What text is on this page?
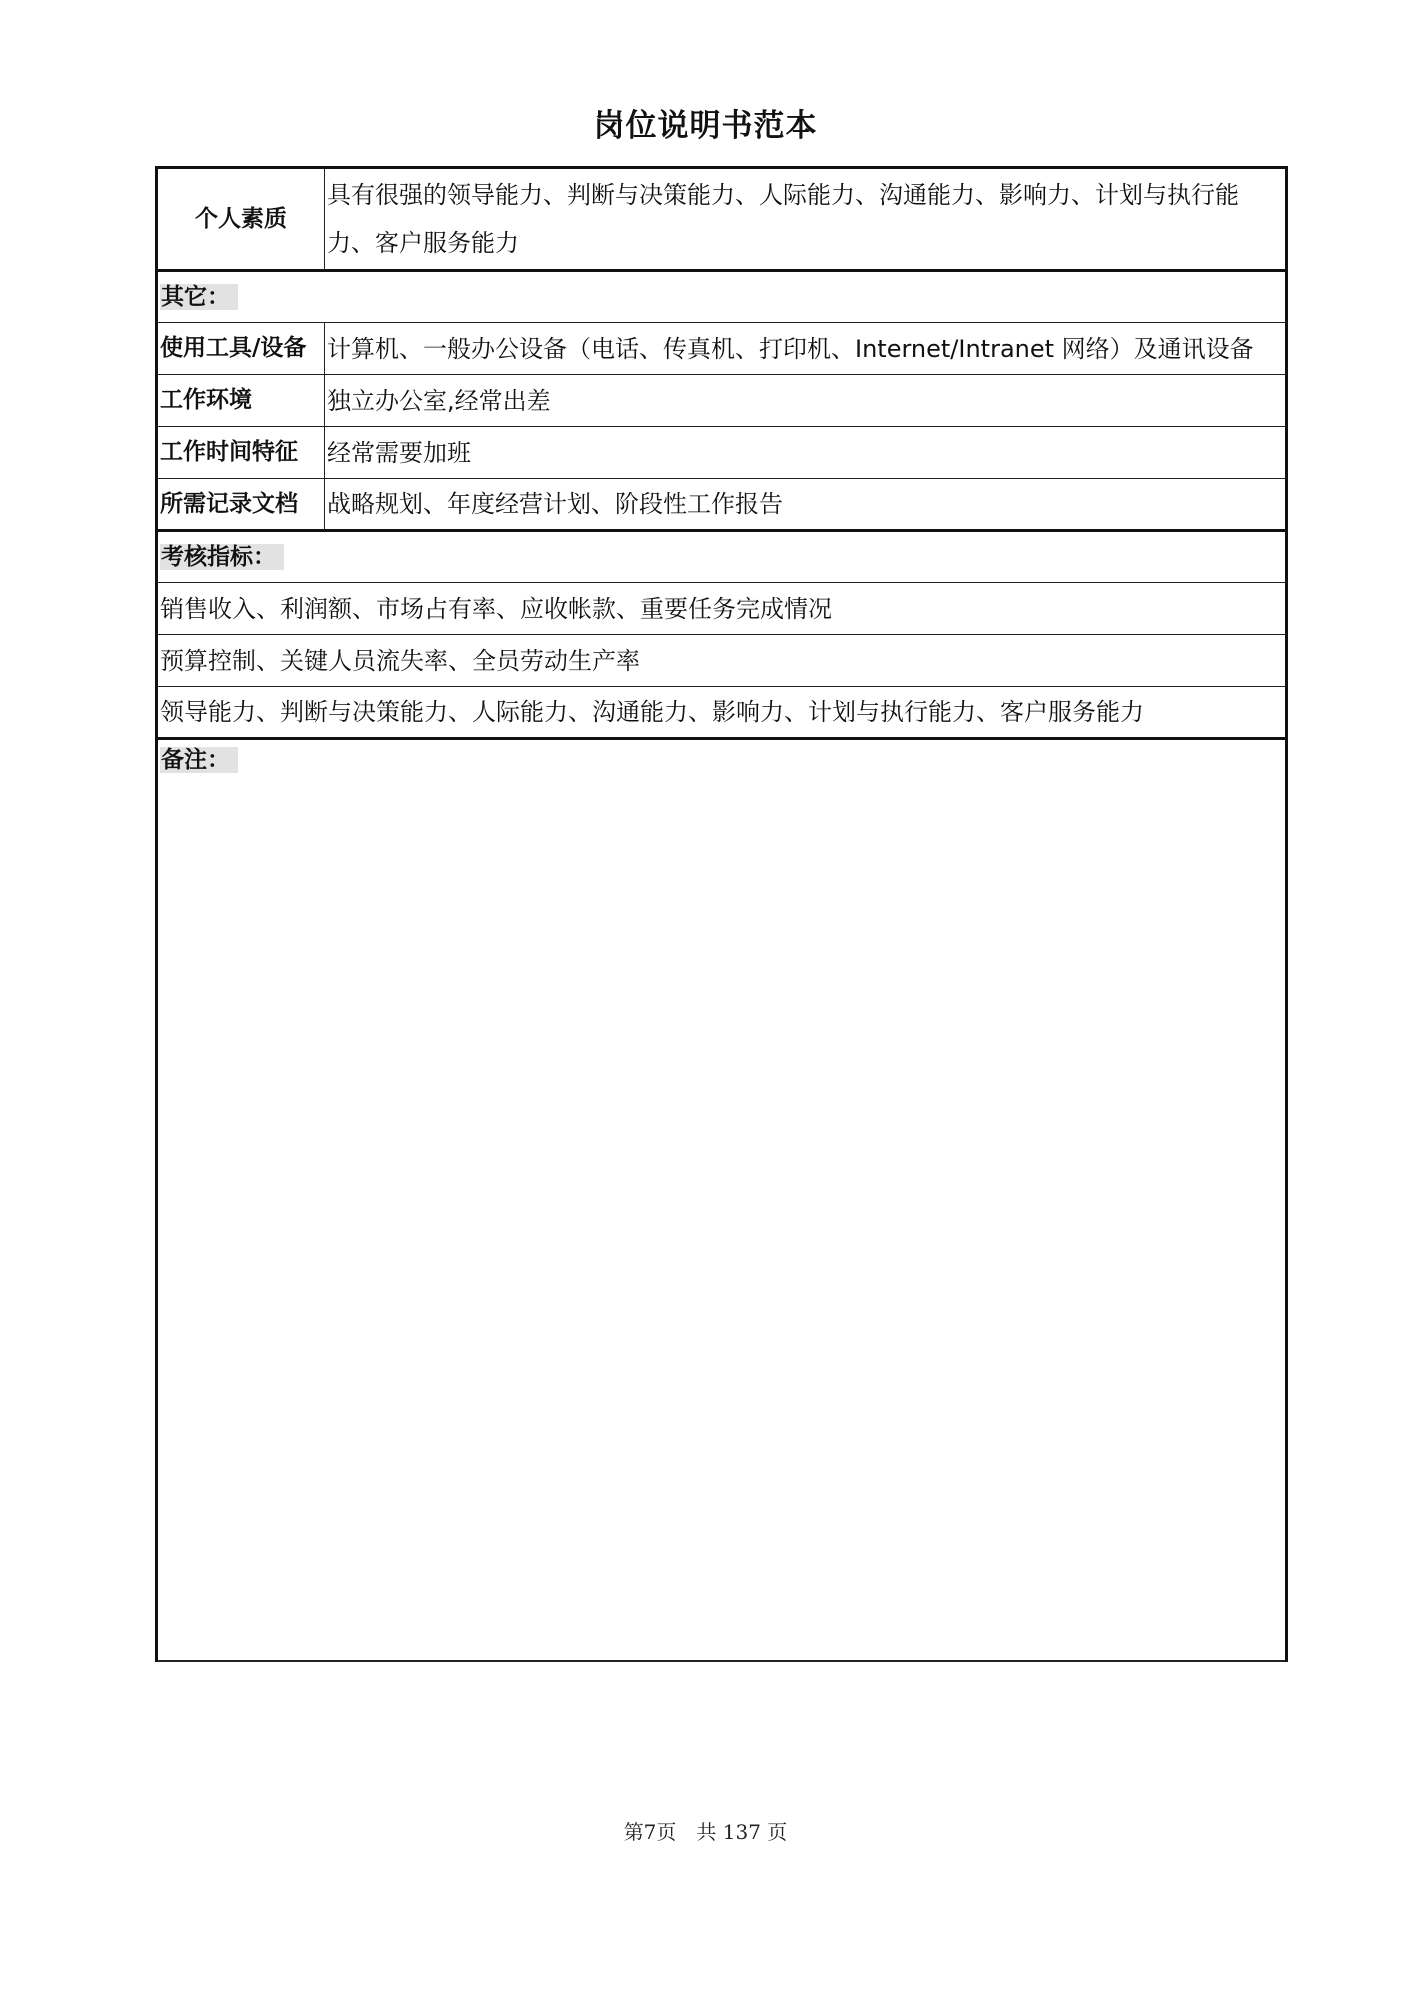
岗位说明书范本
个人素质	具有很强的领导能力、判断与决策能力、人际能力、沟通能力、影响力、计划与执行能力、客户服务能力
其它：	
使用工具/设备	计算机、一般办公设备（电话、传真机、打印机、Internet/Intranet 网络）及通讯设备
工作环境	独立办公室,经常出差
工作时间特征	经常需要加班
所需记录文档	战略规划、年度经营计划、阶段性工作报告
考核指标：	
销售收入、利润额、市场占有率、应收帐款、重要任务完成情况	
预算控制、关键人员流失率、全员劳动生产率	
领导能力、判断与决策能力、人际能力、沟通能力、影响力、计划与执行能力、客户服务能力	
备注：	
第7页 共 137 页
